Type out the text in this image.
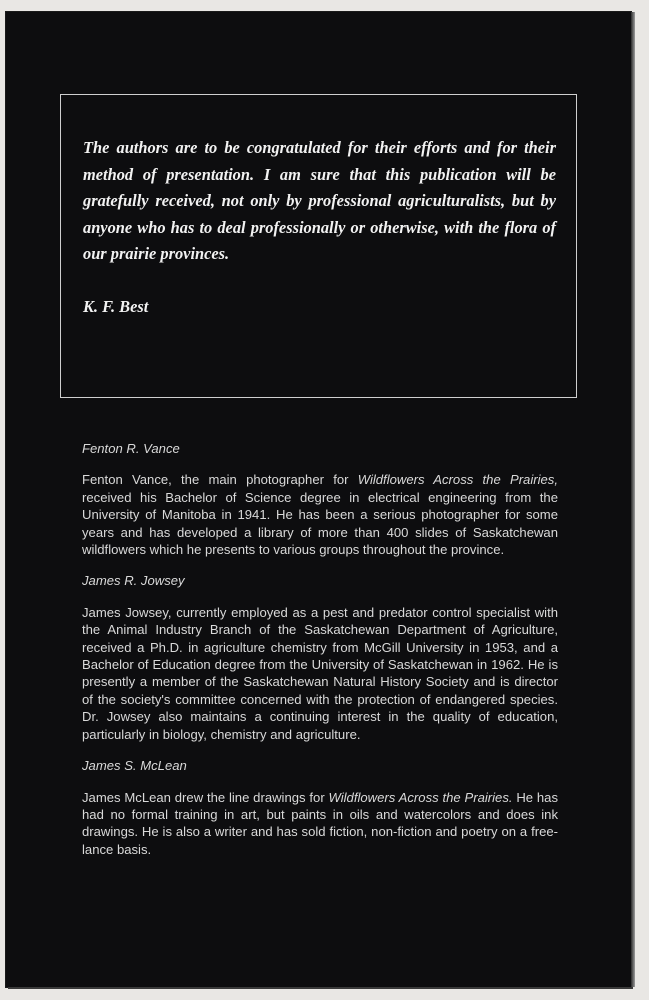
The authors are to be congratulated for their efforts and for their method of presentation. I am sure that this publication will be gratefully received, not only by professional agriculturalists, but by anyone who has to deal professionally or otherwise, with the flora of our prairie provinces.

K. F. Best

Fenton R. Vance

Fenton Vance, the main photographer for Wildflowers Across the Prairies, received his Bachelor of Science degree in electrical engineering from the University of Manitoba in 1941. He has been a serious photographer for some years and has developed a library of more than 400 slides of Saskatchewan wildflowers which he presents to various groups throughout the province.

James R. Jowsey

James Jowsey, currently employed as a pest and predator control specialist with the Animal Industry Branch of the Saskatchewan Department of Agriculture, received a Ph.D. in agriculture chemistry from McGill University in 1953, and a Bachelor of Education degree from the University of Saskatchewan in 1962. He is presently a member of the Saskatchewan Natural History Society and is director of the society's committee concerned with the protection of endangered species. Dr. Jowsey also maintains a continuing interest in the quality of education, particularly in biology, chemistry and agriculture.

James S. McLean

James McLean drew the line drawings for Wildflowers Across the Prairies. He has had no formal training in art, but paints in oils and watercolors and does ink drawings. He is also a writer and has sold fiction, non-fiction and poetry on a free-lance basis.
